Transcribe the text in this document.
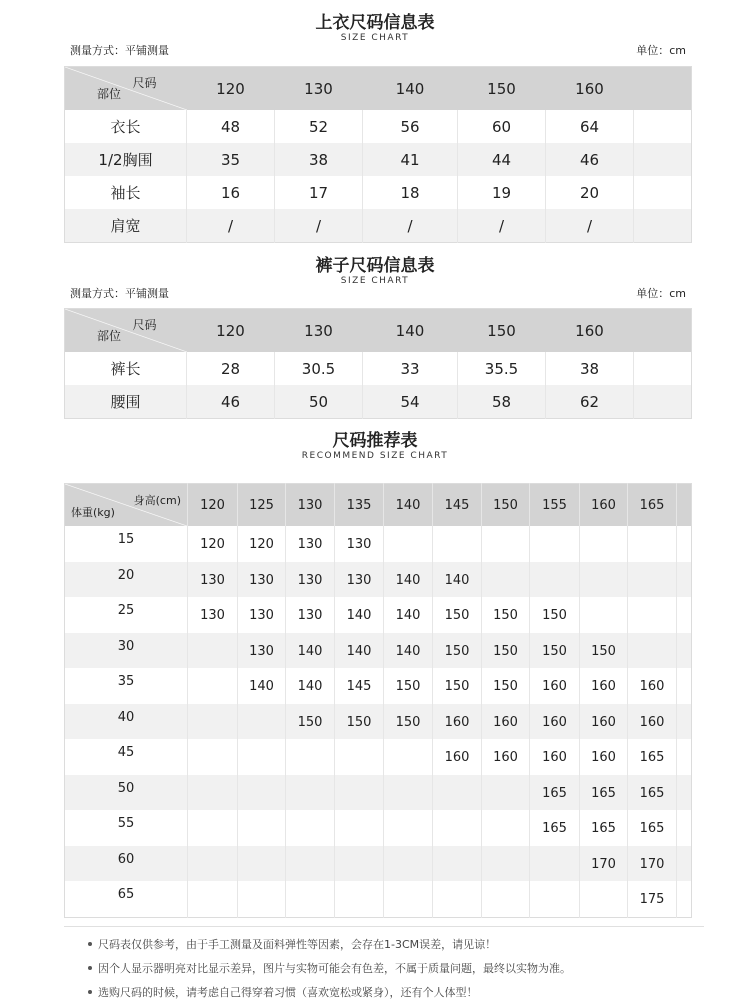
上衣尺码信息表
SIZE CHART
测量方式：平铺测量	单位：cm
尺码
部位	120	130	140	150	160	
衣长	48	52	56	60	64	
1/2胸围	35	38	41	44	46	
袖长	16	17	18	19	20	
肩宽	/	/	/	/	/	
裤子尺码信息表
SIZE CHART
测量方式：平铺测量	单位：cm
尺码
部位	120	130	140	150	160	
裤长	28	30.5	33	35.5	38	
腰围	46	50	54	58	62	
尺码推荐表
RECOMMEND SIZE CHART
身高(cm)
体重(kg)	120	125	130	135	140	145	150	155	160	165	
15	120	120	130	130							
20	130	130	130	130	140	140					
25	130	130	130	140	140	150	150	150			
30		130	140	140	140	150	150	150	150		
35		140	140	145	150	150	150	160	160	160	
40			150	150	150	160	160	160	160	160	
45						160	160	160	160	165	
50								165	165	165	
55								165	165	165	
60									170	170	
65										175	
尺码表仅供参考，由于手工测量及面料弹性等因素，会存在1-3CM误差，请见谅！
因个人显示器明亮对比显示差异，图片与实物可能会有色差，不属于质量问题，最终以实物为准。
选购尺码的时候，请考虑自己得穿着习惯（喜欢宽松或紧身），还有个人体型！
